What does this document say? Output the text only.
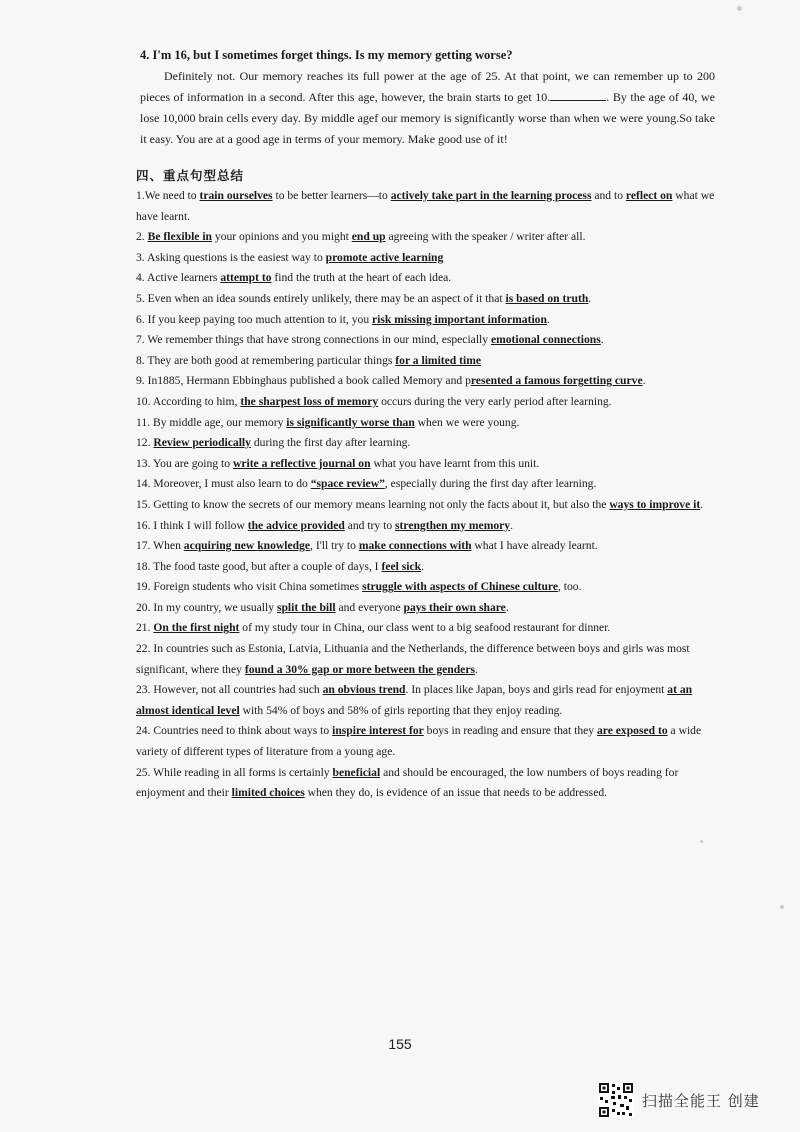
4. I'm 16, but I sometimes forget things. Is my memory getting worse?
Definitely not. Our memory reaches its full power at the age of 25. At that point, we can remember up to 200 pieces of information in a second. After this age, however, the brain starts to get 10.	. By the age of 40, we lose 10,000 brain cells every day. By middle agef our memory is significantly worse than when we were young.So take it easy. You are at a good age in terms of your memory. Make good use of it!
四、重点句型总结

1.We need to train ourselves to be better learners—to actively take part in the learning process and to reflect on what we have learnt.

2. Be flexible in your opinions and you might end up agreeing with the speaker / writer after all.

3. Asking questions is the easiest way to promote active learning

4. Active learners attempt to find the truth at the heart of each idea.

5. Even when an idea sounds entirely unlikely, there may be an aspect of it that is based on truth.

6. If you keep paying too much attention to it, you risk missing important information.

7. We remember things that have strong connections in our mind, especially emotional connections.

8. They are both good at remembering particular things for a limited time

9. In1885, Hermann Ebbinghaus published a book called Memory and presented a famous forgetting curve.

10. According to him, the sharpest loss of memory occurs during the very early period after learning.

11. By middle age, our memory is significantly worse than when we were young.

12. Review periodically during the first day after learning.

13. You are going to write a reflective journal on what you have learnt from this unit.

14. Moreover, I must also learn to do “space review”, especially during the first day after learning.

15. Getting to know the secrets of our memory means learning not only the facts about it, but also the ways to improve it.

16. I think I will follow the advice provided and try to strengthen my memory.

17. When acquiring new knowledge, I'll try to make connections with what I have already learnt.

18. The food taste good, but after a couple of days, I feel sick.

19. Foreign students who visit China sometimes struggle with aspects of Chinese culture, too.

20. In my country, we usually split the bill and everyone pays their own share.

21. On the first night of my study tour in China, our class went to a big seafood restaurant for dinner.

22. In countries such as Estonia, Latvia, Lithuania and the Netherlands, the difference between boys and girls was most significant, where they found a 30% gap or more between the genders.

23. However, not all countries had such an obvious trend. In places like Japan, boys and girls read for enjoyment at an almost identical level with 54% of boys and 58% of girls reporting that they enjoy reading.

24. Countries need to think about ways to inspire interest for boys in reading and ensure that they are exposed to a wide variety of different types of literature from a young age.

25. While reading in all forms is certainly beneficial and should be encouraged, the low numbers of boys reading for enjoyment and their limited choices when they do, is evidence of an issue that needs to be addressed.

155
扫描全能王 创建
